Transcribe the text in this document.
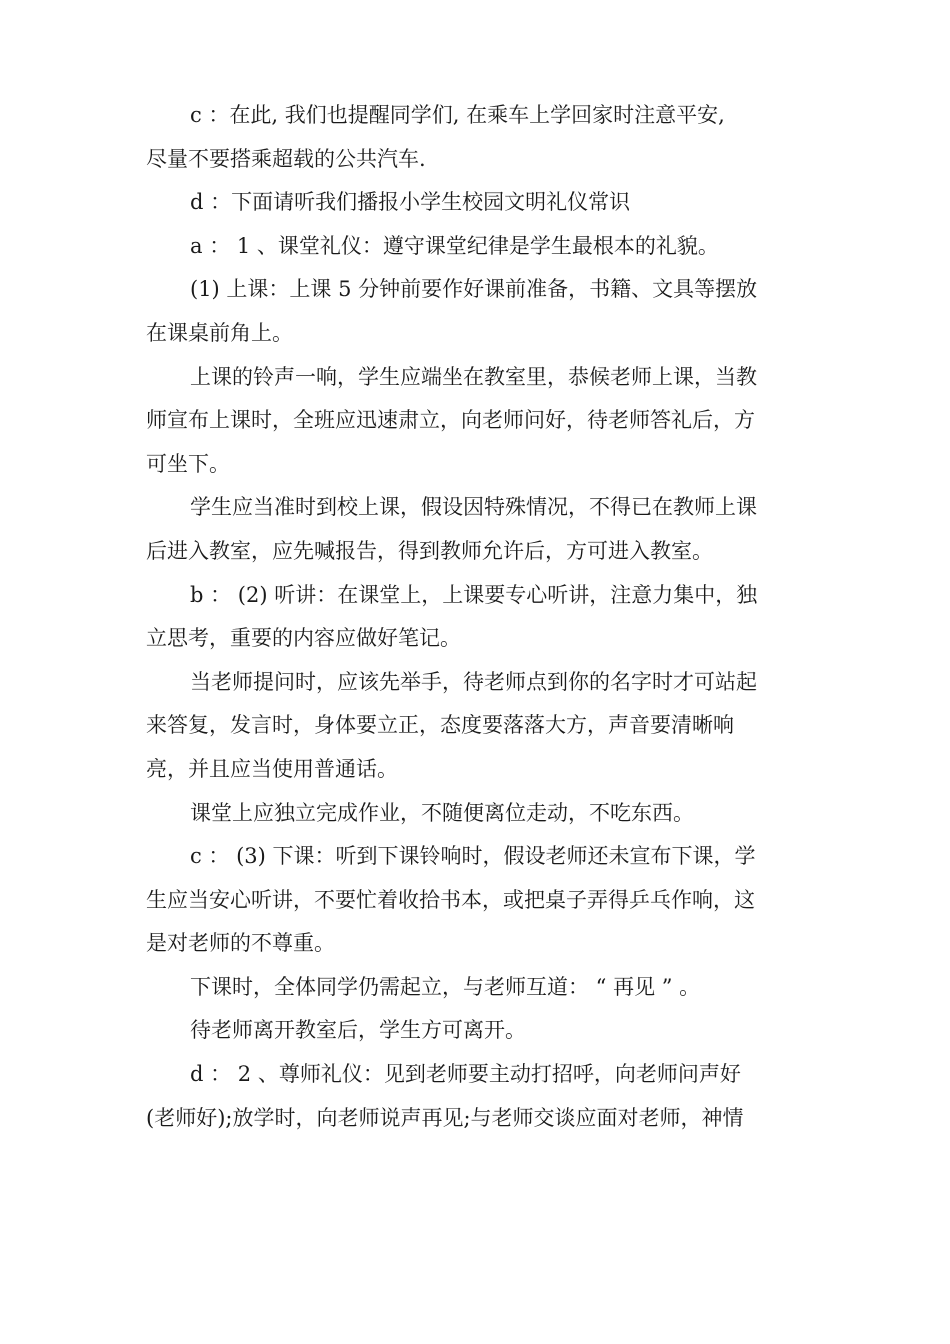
c ：在此, 我们也提醒同学们, 在乘车上学回家时注意平安,
尽量不要搭乘超载的公共汽车.

d ：下面请听我们播报小学生校园文明礼仪常识

a ： 1 、课堂礼仪：遵守课堂纪律是学生最根本的礼貌。

(1) 上课：上课 5 分钟前要作好课前准备，书籍、文具等摆放
在课桌前角上。

上课的铃声一响，学生应端坐在教室里，恭候老师上课，当教
师宣布上课时，全班应迅速肃立，向老师问好，待老师答礼后，方
可坐下。

学生应当准时到校上课，假设因特殊情况，不得已在教师上课
后进入教室，应先喊报告，得到教师允许后，方可进入教室。

b ： (2) 听讲：在课堂上，上课要专心听讲，注意力集中，独
立思考，重要的内容应做好笔记。

当老师提问时，应该先举手，待老师点到你的名字时才可站起
来答复，发言时，身体要立正，态度要落落大方，声音要清晰响
亮，并且应当使用普通话。

课堂上应独立完成作业，不随便离位走动，不吃东西。

c ： (3) 下课：听到下课铃响时，假设老师还未宣布下课，学
生应当安心听讲，不要忙着收拾书本，或把桌子弄得乒乓作响，这
是对老师的不尊重。

下课时，全体同学仍需起立，与老师互道： “ 再见 ” 。

待老师离开教室后，学生方可离开。

d ： 2 、尊师礼仪：见到老师要主动打招呼，向老师问声好
(老师好);放学时，向老师说声再见;与老师交谈应面对老师，神情
